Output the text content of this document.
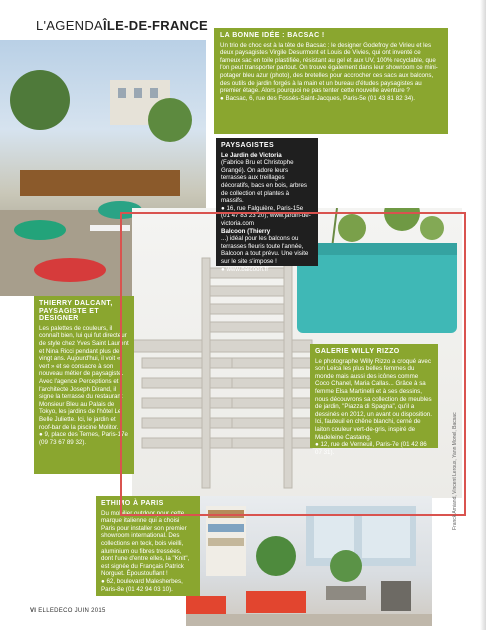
L'AGENDAÎLE-DE-FRANCE

LA BONNE IDÉE : BACSAC !

Un trio de choc est à la tête de Bacsac : le designer Godefroy de Virieu et les deux paysagistes Virgile Desurmont et Louis de Vivies, qui ont inventé ce fameux sac en toile plastifiée, résistant au gel et aux UV, 100% recyclable, que l'on peut transporter partout. On trouve également dans leur showroom ce mini-potager bleu azur (photo), des bretelles pour accrocher ces sacs aux balcons, des outils de jardin forgés à la main et un bureau d'études paysagistes au premier étage. Alors pourquoi ne pas tenter cette nouvelle aventure ?

● Bacsac, 6, rue des Fossés-Saint-Jacques, Paris-5e (01 43 81 82 34).

PAYSAGISTES

Le Jardin de Victoria

(Fabrice Bru et Christophe Grangé). On adore leurs terrasses aux treillages décoratifs, bacs en bois, arbres de collection et plantes à massifs.

● 16, rue Falguière, Paris-15e (01 47 83 23 20), www.jardin-de-victoria.com

Balcoon (Thierry

...) idéal pour les balcons ou terrasses fleuris toute l'année, Balcoon a tout prévu. Une visite sur le site s'impose !

● www.balcoon.fr

THIERRY DALCANT, PAYSAGISTE ET DESIGNER

Les palettes de couleurs, il connaît bien, lui qui fut directeur de style chez Yves Saint Laurent et Nina Ricci pendant plus de vingt ans. Aujourd'hui, il voit « vert » et se consacre à son nouveau métier de paysagiste. Avec l'agence Perceptions et l'architecte Joseph Dirand, il signe la terrasse du restaurant Monsieur Bleu au Palais de Tokyo, les jardins de l'hôtel Le Belle Juliette. Ici, le jardin et roof-bar de la piscine Molitor.

● 9, place des Ternes, Paris-17e (09 73 67 89 32).

GALERIE WILLY RIZZO

Le photographe Willy Rizzo a croqué avec son Leica les plus belles femmes du monde mais aussi des icônes comme Coco Chanel, Maria Callas... Grâce à sa femme Elsa Martinelli et à ses dessins, nous découvrons sa collection de meubles de jardin, "Piazza di Spagna", qu'il a dessinés en 2012, un avant ou disposition. Ici, fauteuil en chêne blanchi, cerné de laiton couleur vert-de-gris, inspiré de Madeleine Castaing.

● 12, rue de Verneuil, Paris-7e (01 42 86 07 31).

ETHIMO À PARIS

Du mobilier outdoor pour cette marque italienne qui a choisi Paris pour installer son premier showroom international. Des collections en teck, bois vieilli, aluminium ou fibres tressées, dont l'une d'entre elles, la "Knit", est signée du Français Patrick Norguet. Époustouflant !

● 62, boulevard Malesherbes, Paris-8e (01 42 94 03 10).

VI ELLEDECO JUIN 2015
Franck Amiand, Vincent Leroux, Yann Monel, Bacsac
